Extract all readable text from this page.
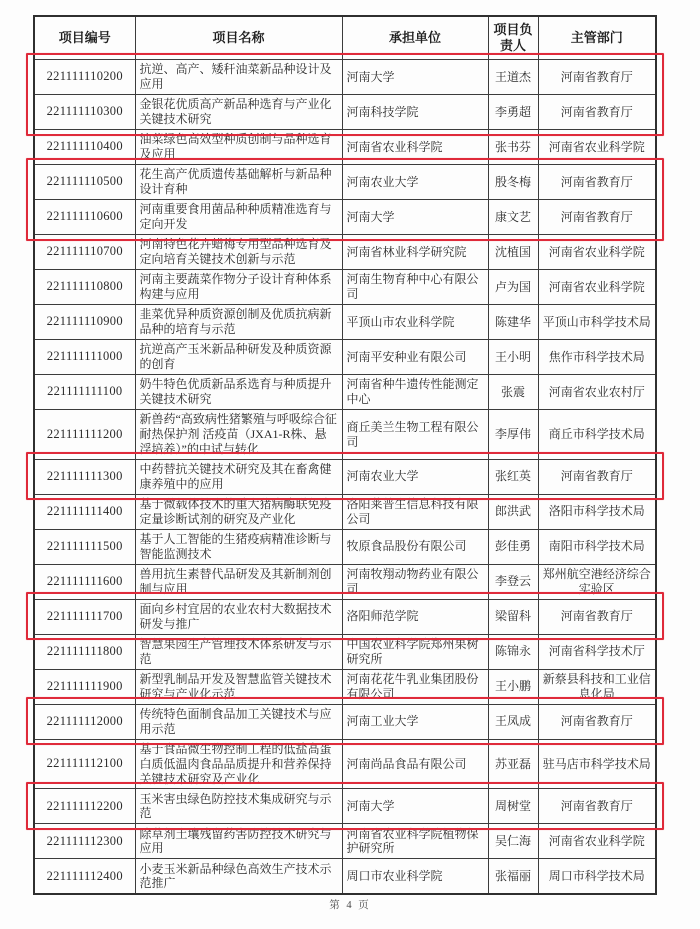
项目编号	项目名称	承担单位	项目负责人	主管部门
221111110200	抗逆、高产、矮秆油菜新品种设计及应用	河南大学	王道杰	河南省教育厅
221111110300	金银花优质高产新品种选育与产业化关键技术研究	河南科技学院	李勇超	河南省教育厅
221111110400	油菜绿色高效型种质创制与品种选育及应用	河南省农业科学院	张书芬	河南省农业科学院
221111110500	花生高产优质遗传基础解析与新品种设计育种	河南农业大学	殷冬梅	河南省教育厅
221111110600	河南重要食用菌品种种质精准选育与定向开发	河南大学	康文艺	河南省教育厅
221111110700	河南特色花卉蜡梅专用型品种选育及定向培育关键技术创新与示范	河南省林业科学研究院	沈植国	河南省农业科学院
221111110800	河南主要蔬菜作物分子设计育种体系构建与应用	河南生物育种中心有限公司	卢为国	河南省农业科学院
221111110900	韭菜优异种质资源创制及优质抗病新品种的培育与示范	平顶山市农业科学院	陈建华	平顶山市科学技术局
221111111000	抗逆高产玉米新品种研发及种质资源的创育	河南平安种业有限公司	王小明	焦作市科学技术局
221111111100	奶牛特色优质新品系选育与种质提升关键技术研究	河南省种牛遗传性能测定中心	张震	河南省农业农村厅
221111111200	新兽药“高致病性猪繁殖与呼吸综合征耐热保护剂 活疫苗（JXA1-R株、悬浮培养）”的中试与转化	商丘美兰生物工程有限公司	李厚伟	商丘市科学技术局
221111111300	中药替抗关键技术研究及其在畜禽健康养殖中的应用	河南农业大学	张红英	河南省教育厅
221111111400	基于微载体技术的重大猪病酶联免疫定量诊断试剂的研究及产业化	洛阳莱普生信息科技有限公司	郎洪武	洛阳市科学技术局
221111111500	基于人工智能的生猪疫病精准诊断与智能监测技术	牧原食品股份有限公司	彭佳勇	南阳市科学技术局
221111111600	兽用抗生素替代品研发及其新制剂创制与应用	河南牧翔动物药业有限公司	李登云	郑州航空港经济综合实验区
221111111700	面向乡村宜居的农业农村大数据技术研发与推广	洛阳师范学院	梁留科	河南省教育厅
221111111800	智慧果园生产管理技术体系研发与示范	中国农业科学院郑州果树研究所	陈锦永	河南省科学技术厅
221111111900	新型乳制品开发及智慧监管关键技术研究与产业化示范	河南花花牛乳业集团股份有限公司	王小鹏	新蔡县科技和工业信息化局
221111112000	传统特色面制食品加工关键技术与应用示范	河南工业大学	王凤成	河南省教育厅
221111112100	基于食品微生物控制工程的低盐高蛋白质低温肉食品品质提升和营养保持关键技术研究及产业化	河南尚品食品有限公司	苏亚磊	驻马店市科学技术局
221111112200	玉米害虫绿色防控技术集成研究与示范	河南大学	周树堂	河南省教育厅
221111112300	除草剂土壤残留药害防控技术研究与应用	河南省农业科学院植物保护研究所	吴仁海	河南省农业科学院
221111112400	小麦玉米新品种绿色高效生产技术示范推广	周口市农业科学院	张福丽	周口市科学技术局
第 4 页
